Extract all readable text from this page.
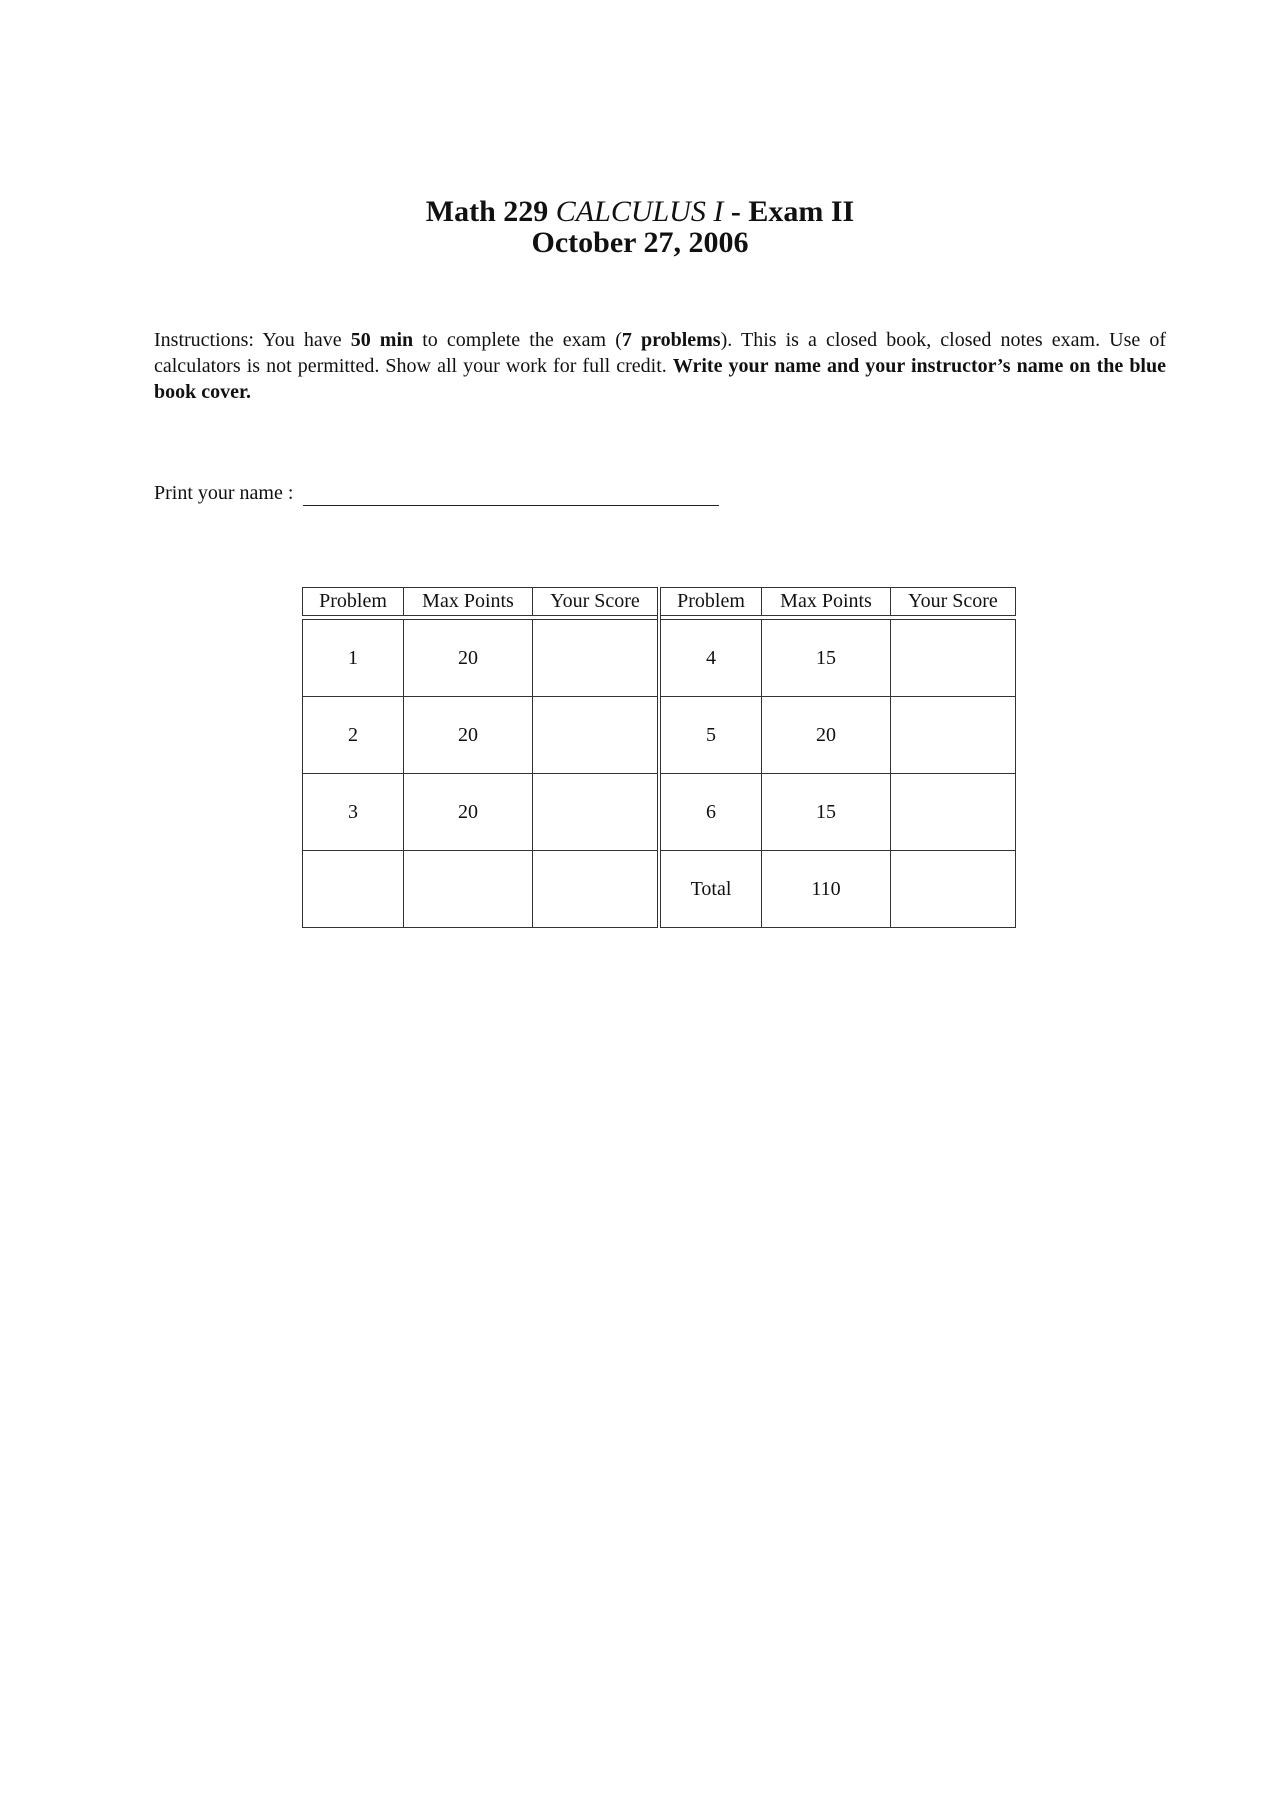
Math 229 CALCULUS I - Exam II
October 27, 2006
Instructions: You have 50 min to complete the exam (7 problems). This is a closed book, closed notes exam. Use of calculators is not permitted. Show all your work for full credit. Write your name and your instructor’s name on the blue book cover.
Print your name :
Problem	Max Points	Your Score	Problem	Max Points	Your Score

1	20		4	15	
2	20		5	20	
3	20		6	15	
			Total	110	
